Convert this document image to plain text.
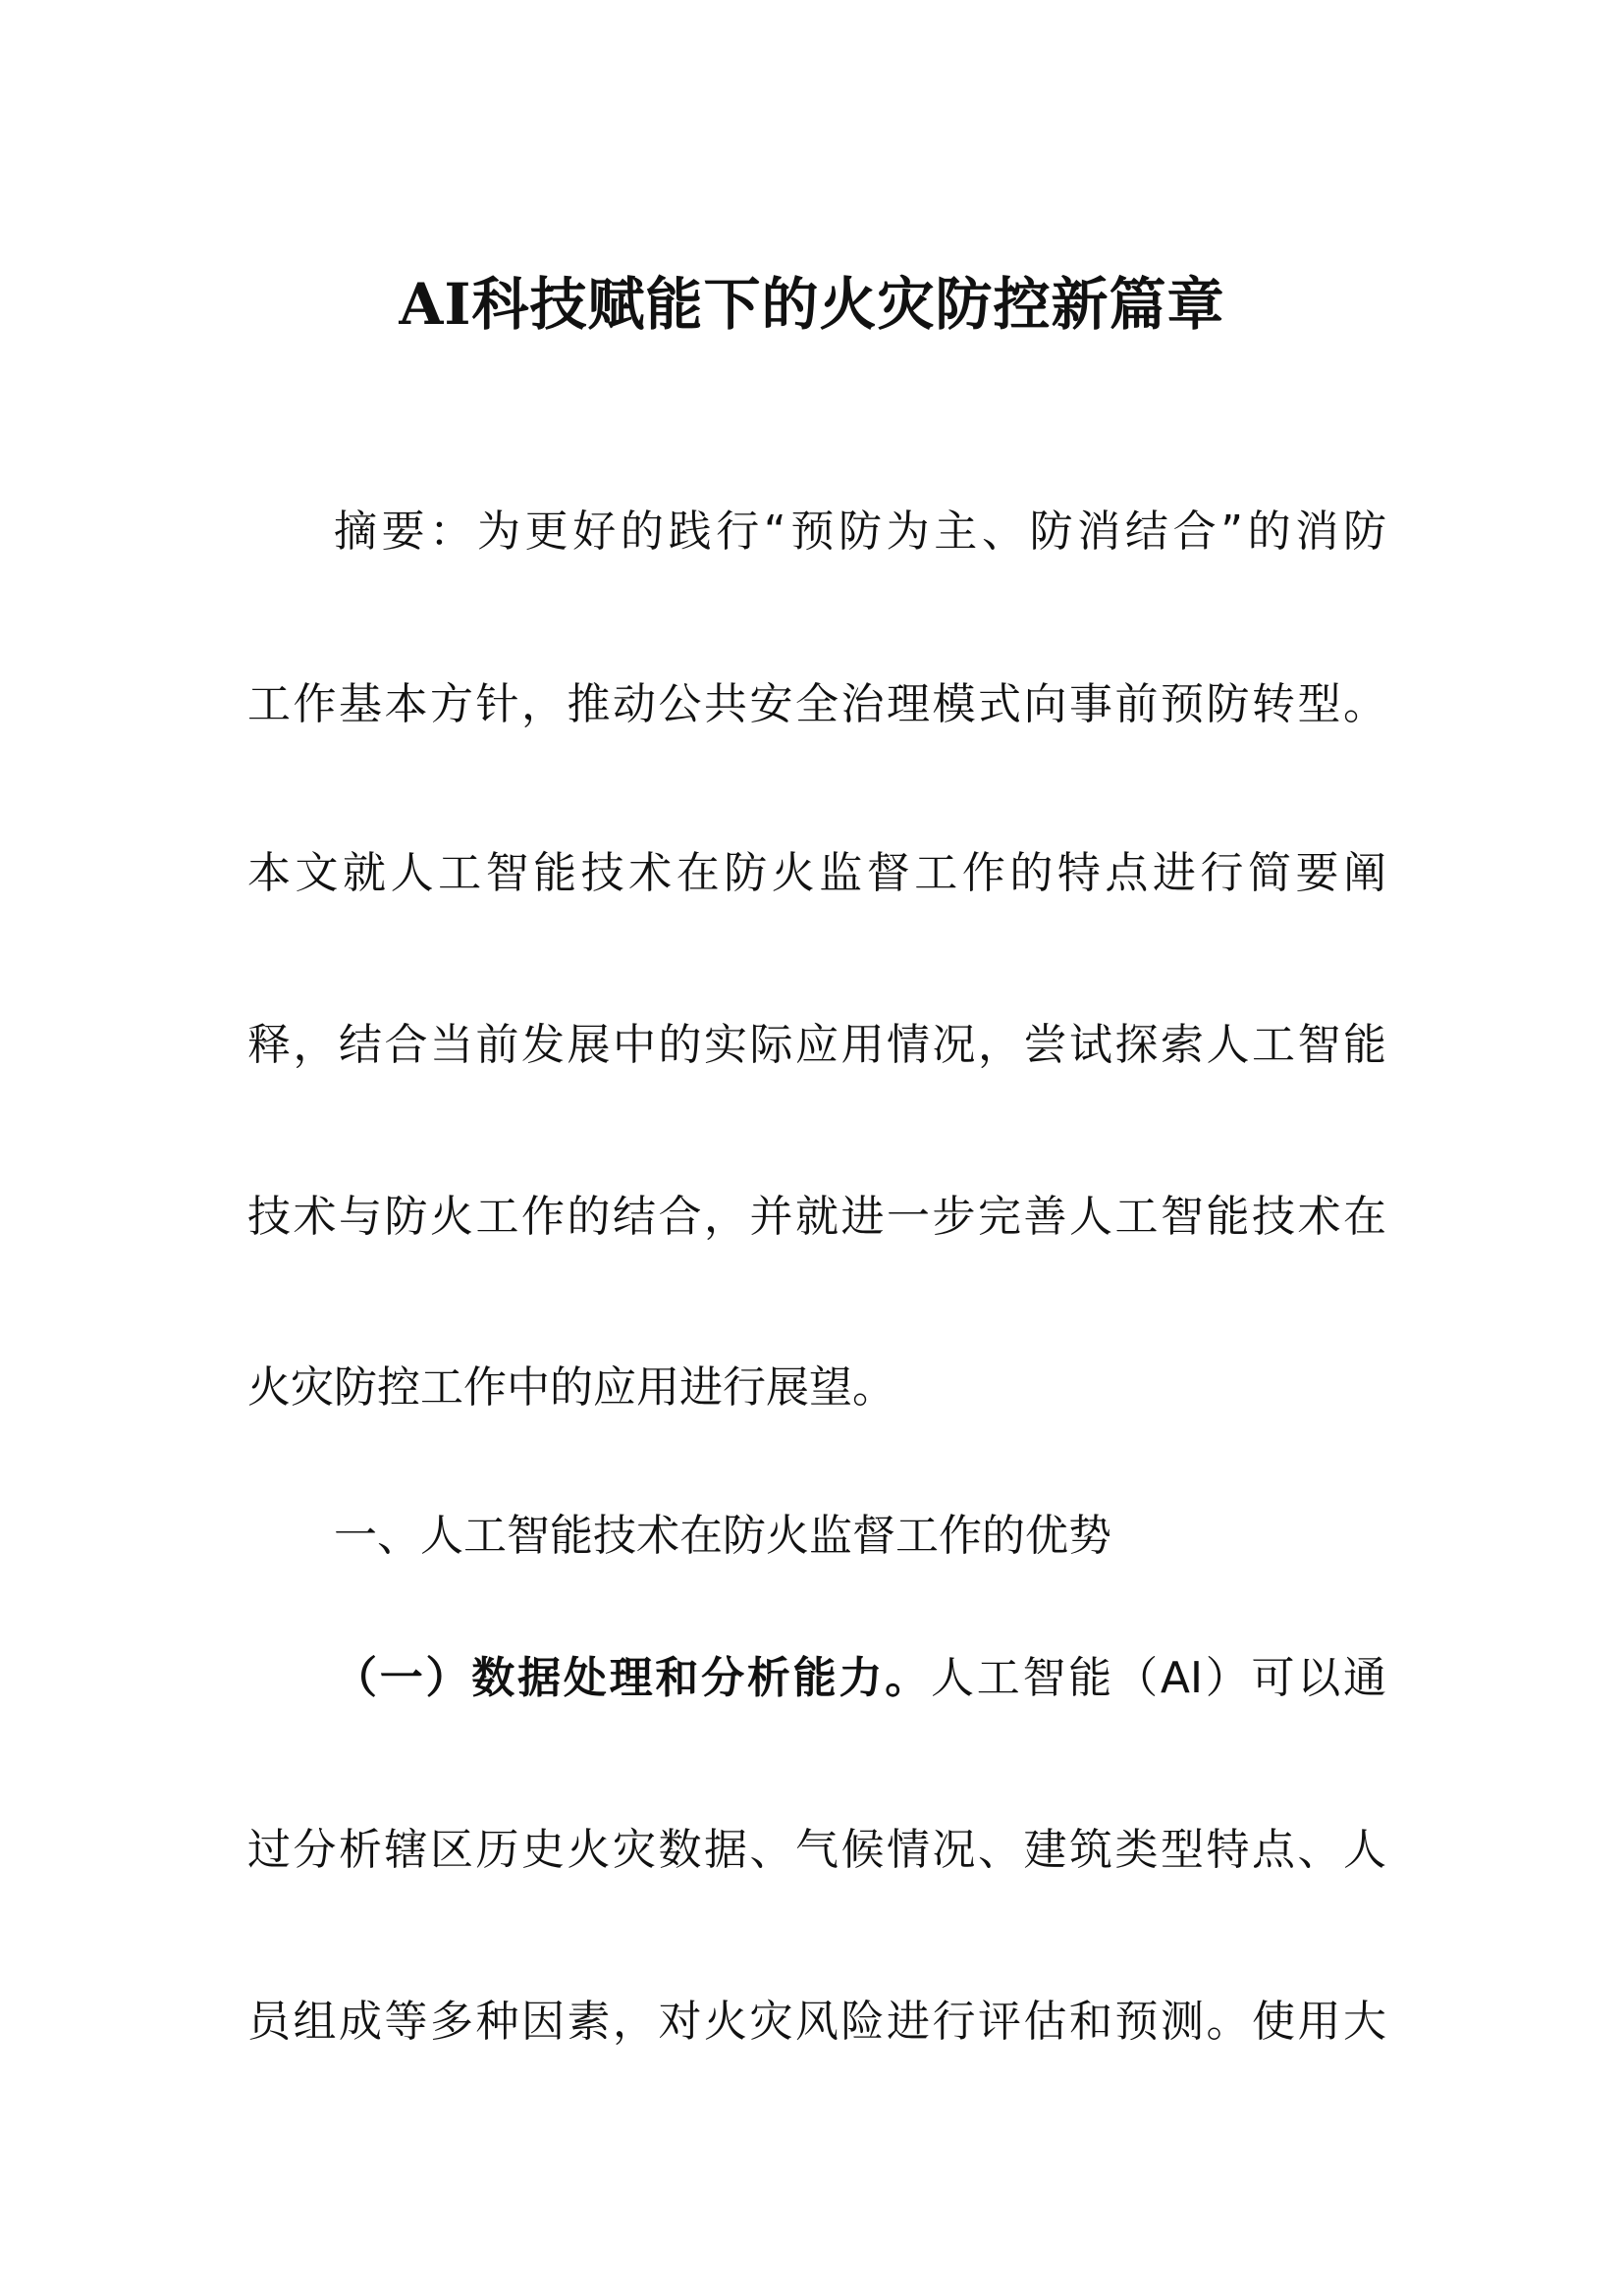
AI科技赋能下的火灾防控新篇章

摘要：为更好的践行“预防为主、防消结合”的消防

工作基本方针，推动公共安全治理模式向事前预防转型。

本文就人工智能技术在防火监督工作的特点进行简要阐

释，结合当前发展中的实际应用情况，尝试探索人工智能

技术与防火工作的结合，并就进一步完善人工智能技术在

火灾防控工作中的应用进行展望。

一、人工智能技术在防火监督工作的优势

（一）数据处理和分析能力。人工智能（AI）可以通

过分析辖区历史火灾数据、气候情况、建筑类型特点、人

员组成等多种因素，对火灾风险进行评估和预测。使用大
